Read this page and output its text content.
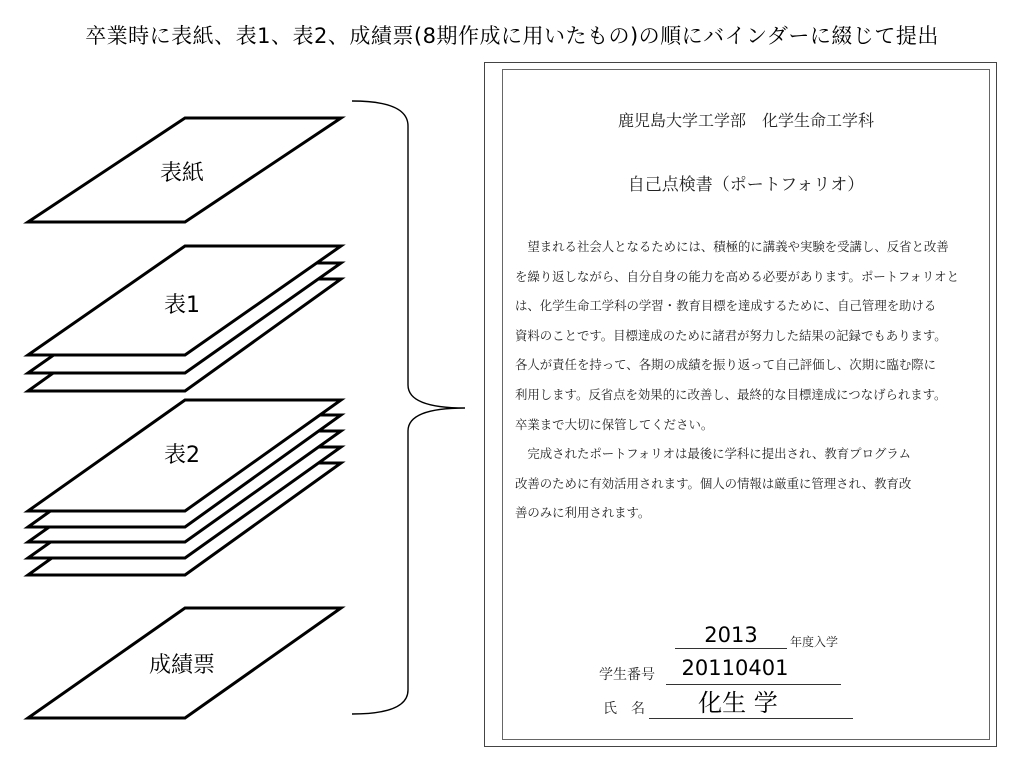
卒業時に表紙、表1、表2、成績票(8期作成に用いたもの)の順にバインダーに綴じて提出
表紙
表1
表2
成績票
鹿児島大学工学部　化学生命工学科
自己点検書（ポートフォリオ）

望まれる社会人となるためには、積極的に講義や実験を受講し、反省と改善

を繰り返しながら、自分自身の能力を高める必要があります。ポートフォリオと

は、化学生命工学科の学習・教育目標を達成するために、自己管理を助ける

資料のことです。目標達成のために諸君が努力した結果の記録でもあります。

各人が責任を持って、各期の成績を振り返って自己評価し、次期に臨む際に

利用します。反省点を効果的に改善し、最終的な目標達成につなげられます。

卒業まで大切に保管してください。

完成されたポートフォリオは最後に学科に提出され、教育プログラム

改善のために有効活用されます。個人の情報は厳重に管理され、教育改

善のみに利用されます。

2013	年度入学
学生番号	20110401
氏　名	化生 学
